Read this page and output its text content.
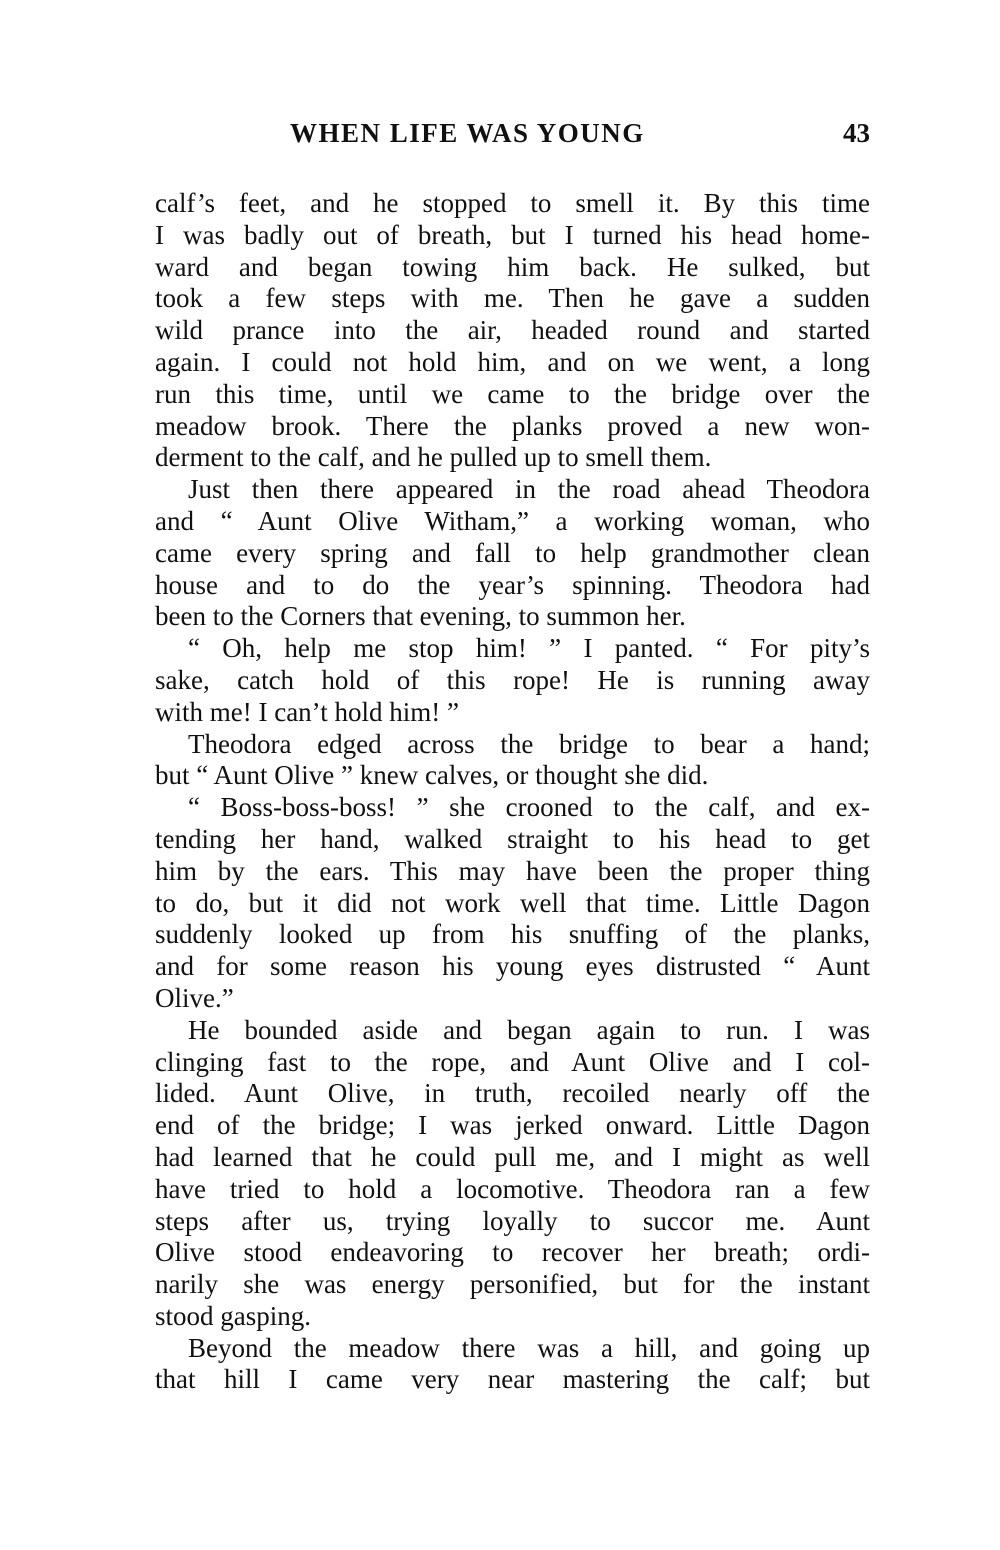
WHEN LIFE WAS YOUNG	43
calf’s feet, and he stopped to smell it. By this time
I was badly out of breath, but I turned his head home-
ward and began towing him back. He sulked, but
took a few steps with me. Then he gave a sudden
wild prance into the air, headed round and started
again. I could not hold him, and on we went, a long
run this time, until we came to the bridge over the
meadow brook. There the planks proved a new won-
derment to the calf, and he pulled up to smell them.
Just then there appeared in the road ahead Theodora
and “ Aunt Olive Witham,” a working woman, who
came every spring and fall to help grandmother clean
house and to do the year’s spinning. Theodora had
been to the Corners that evening, to summon her.
“ Oh, help me stop him! ” I panted. “ For pity’s
sake, catch hold of this rope! He is running away
with me! I can’t hold him! ”
Theodora edged across the bridge to bear a hand;
but “ Aunt Olive ” knew calves, or thought she did.
“ Boss-boss-boss! ” she crooned to the calf, and ex-
tending her hand, walked straight to his head to get
him by the ears. This may have been the proper thing
to do, but it did not work well that time. Little Dagon
suddenly looked up from his snuffing of the planks,
and for some reason his young eyes distrusted “ Aunt
Olive.”
He bounded aside and began again to run. I was
clinging fast to the rope, and Aunt Olive and I col-
lided. Aunt Olive, in truth, recoiled nearly off the
end of the bridge; I was jerked onward. Little Dagon
had learned that he could pull me, and I might as well
have tried to hold a locomotive. Theodora ran a few
steps after us, trying loyally to succor me. Aunt
Olive stood endeavoring to recover her breath; ordi-
narily she was energy personified, but for the instant
stood gasping.
Beyond the meadow there was a hill, and going up
that hill I came very near mastering the calf; but
